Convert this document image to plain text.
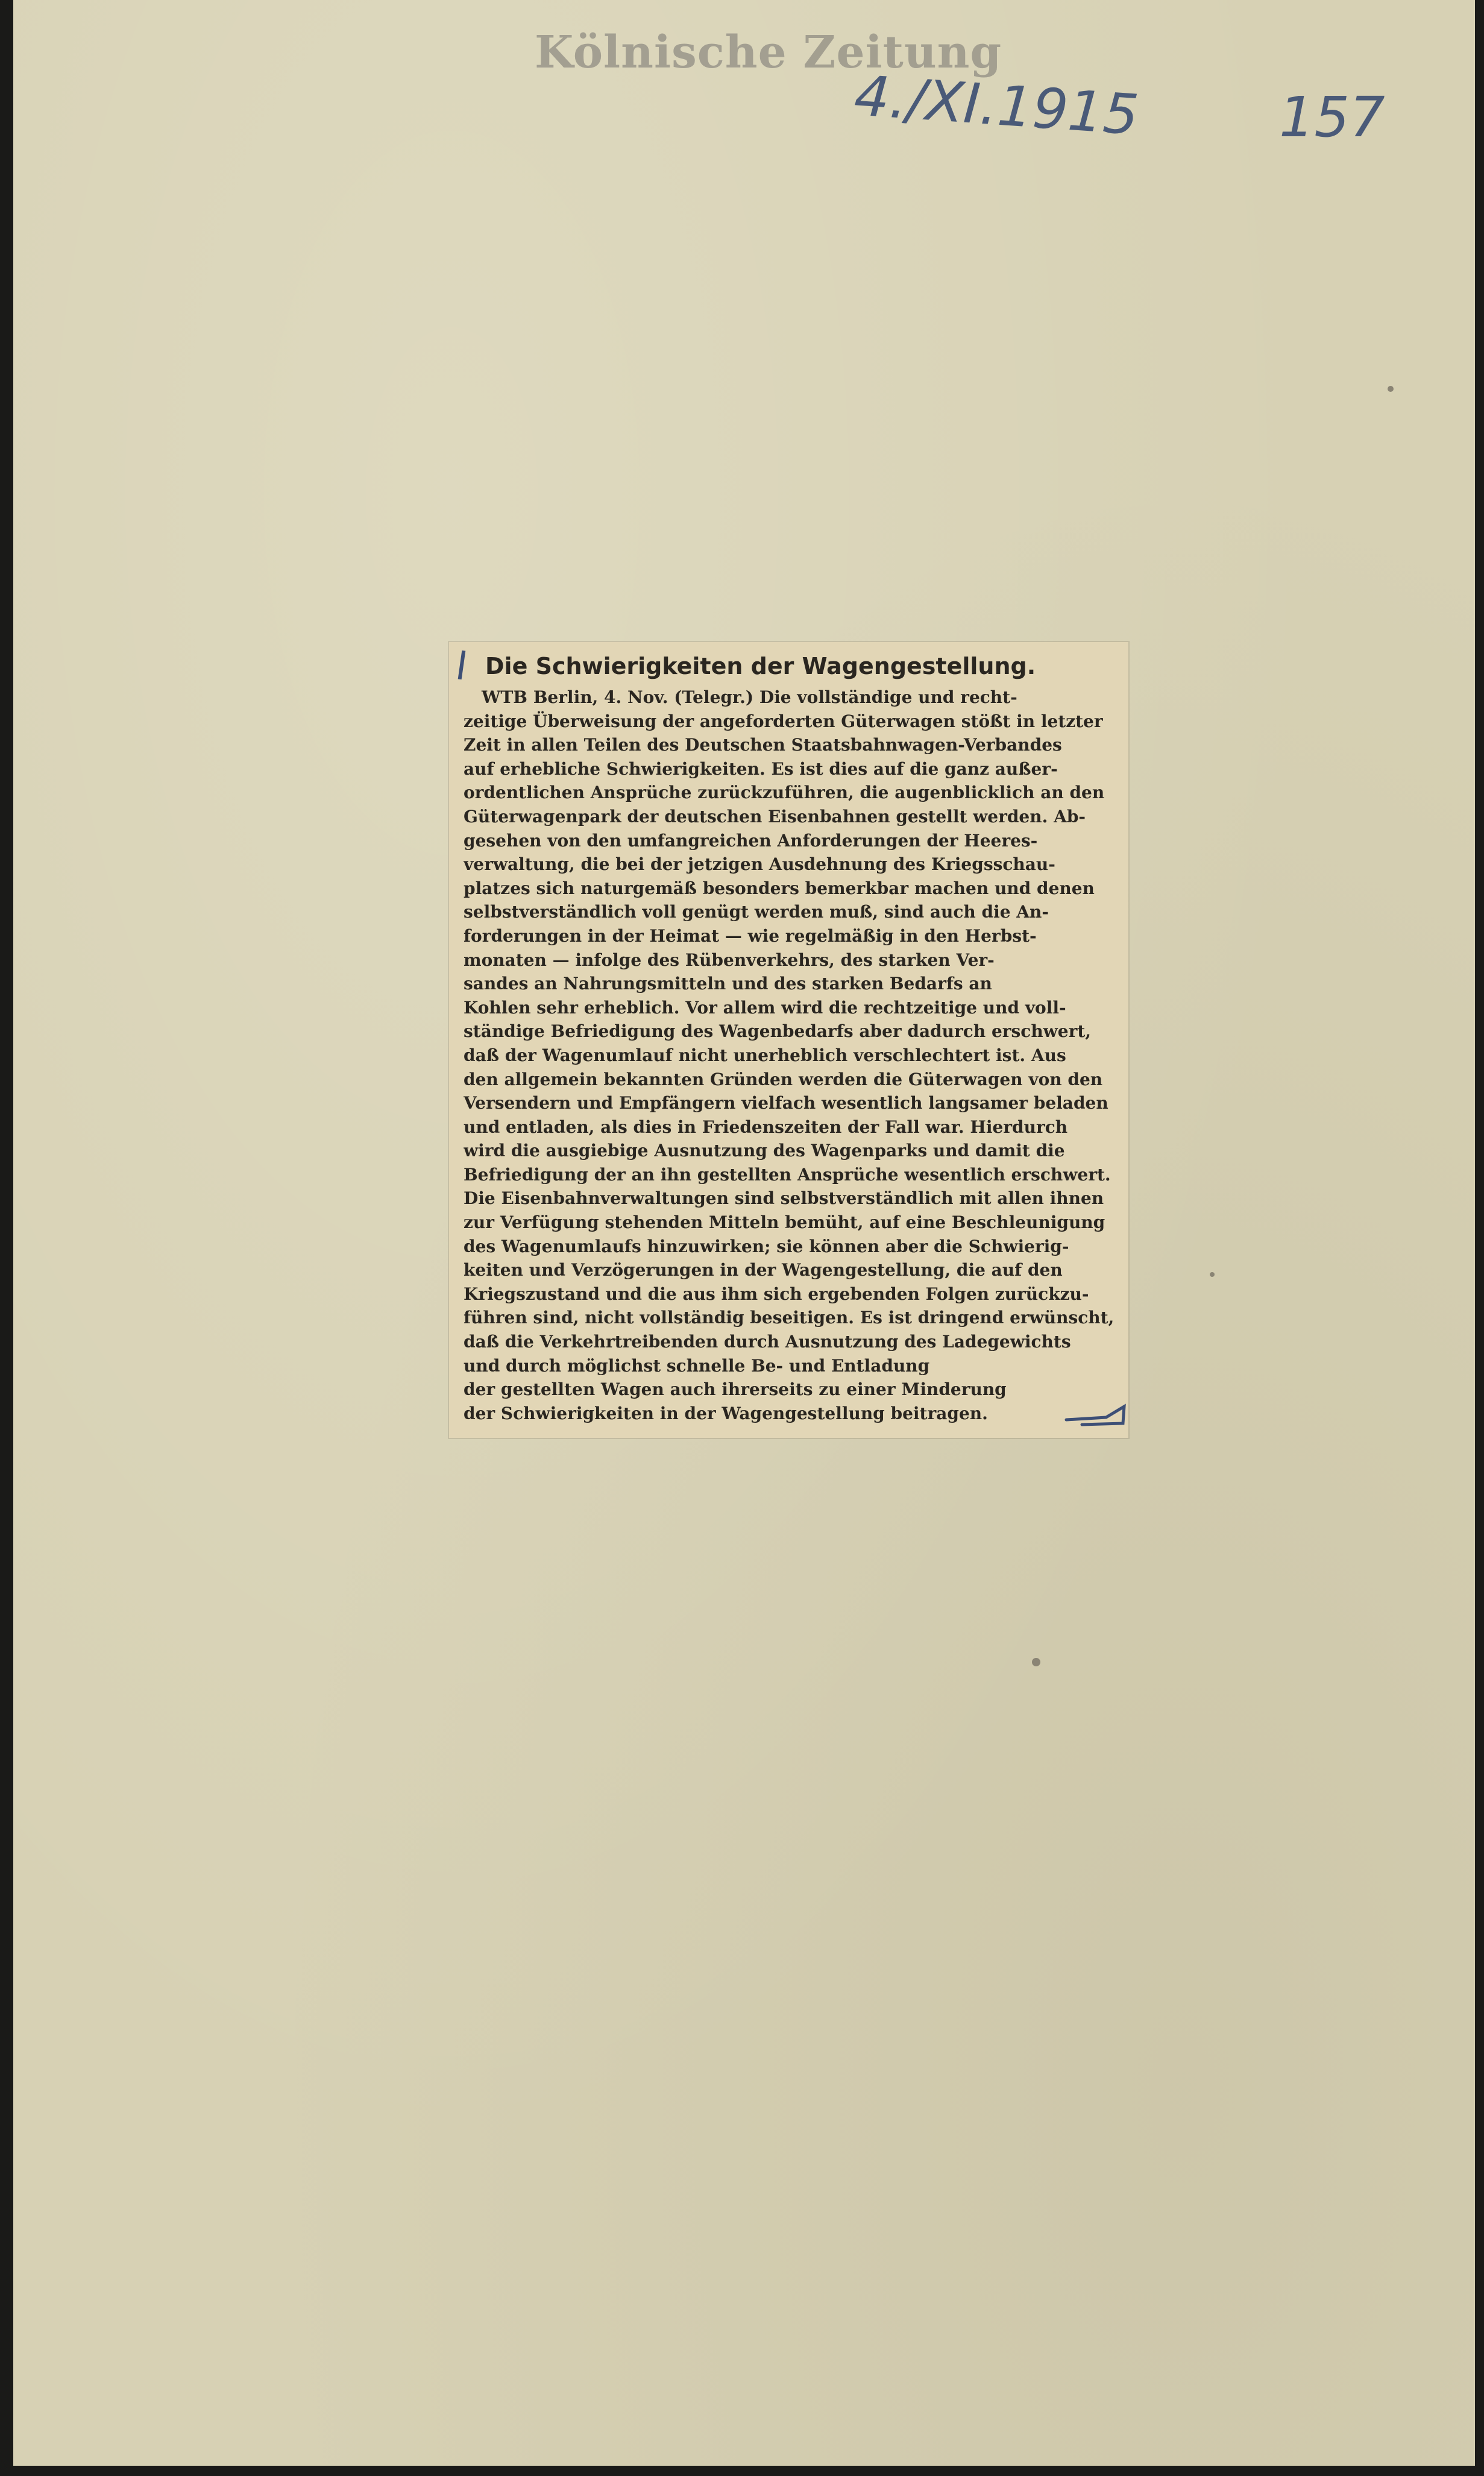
Kölnische Zeitung
4./XI.1915 157
Die Schwierigkeiten der Wagengestellung.
WTB Berlin, 4. Nov. (Telegr.) Die vollständige und recht-
zeitige Überweisung der angeforderten Güterwagen stößt in letzter
Zeit in allen Teilen des Deutschen Staatsbahnwagen-Verbandes
auf erhebliche Schwierigkeiten. Es ist dies auf die ganz außer-
ordentlichen Ansprüche zurückzuführen, die augenblicklich an den
Güterwagenpark der deutschen Eisenbahnen gestellt werden. Ab-
gesehen von den umfangreichen Anforderungen der Heeres-
verwaltung, die bei der jetzigen Ausdehnung des Kriegsschau-
platzes sich naturgemäß besonders bemerkbar machen und denen
selbstverständlich voll genügt werden muß, sind auch die An-
forderungen in der Heimat — wie regelmäßig in den Herbst-
monaten — infolge des Rübenverkehrs, des starken Ver-
sandes an Nahrungsmitteln und des starken Bedarfs an
Kohlen sehr erheblich. Vor allem wird die rechtzeitige und voll-
ständige Befriedigung des Wagenbedarfs aber dadurch erschwert,
daß der Wagenumlauf nicht unerheblich verschlechtert ist. Aus
den allgemein bekannten Gründen werden die Güterwagen von den
Versendern und Empfängern vielfach wesentlich langsamer beladen
und entladen, als dies in Friedenszeiten der Fall war. Hierdurch
wird die ausgiebige Ausnutzung des Wagenparks und damit die
Befriedigung der an ihn gestellten Ansprüche wesentlich erschwert.
Die Eisenbahnverwaltungen sind selbstverständlich mit allen ihnen
zur Verfügung stehenden Mitteln bemüht, auf eine Beschleunigung
des Wagenumlaufs hinzuwirken; sie können aber die Schwierig-
keiten und Verzögerungen in der Wagengestellung, die auf den
Kriegszustand und die aus ihm sich ergebenden Folgen zurückzu-
führen sind, nicht vollständig beseitigen. Es ist dringend erwünscht,
daß die Verkehrtreibenden durch Ausnutzung des Ladegewichts
und durch möglichst schnelle Be- und Entladung
der gestellten Wagen auch ihrerseits zu einer Minderung
der Schwierigkeiten in der Wagengestellung beitragen.
